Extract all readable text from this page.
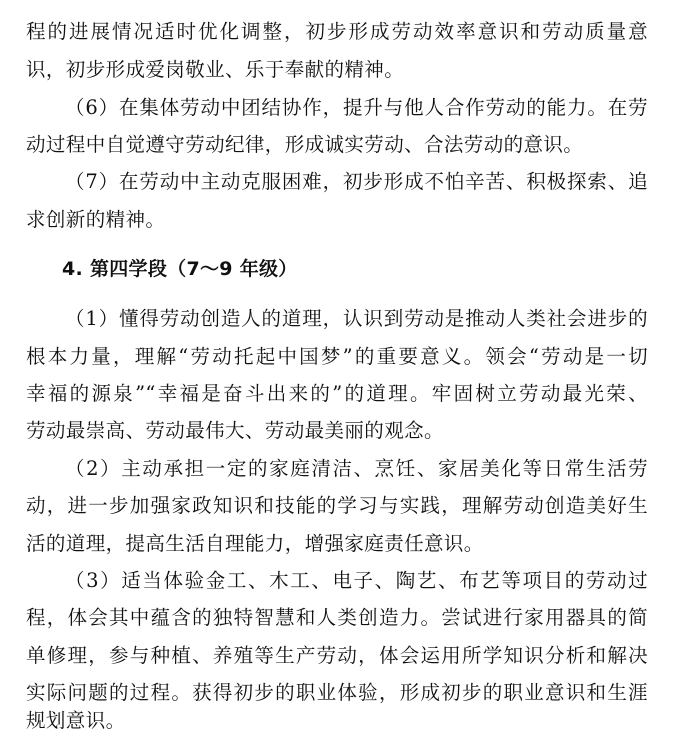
程的进展情况适时优化调整，初步形成劳动效率意识和劳动质量意
识，初步形成爱岗敬业、乐于奉献的精神。
（6）在集体劳动中团结协作，提升与他人合作劳动的能力。在劳
动过程中自觉遵守劳动纪律，形成诚实劳动、合法劳动的意识。
（7）在劳动中主动克服困难，初步形成不怕辛苦、积极探索、追
求创新的精神。
4. 第四学段（7～9 年级）
（1）懂得劳动创造人的道理，认识到劳动是推动人类社会进步的
根本力量，理解“劳动托起中国梦”的重要意义。领会“劳动是一切
幸福的源泉”“幸福是奋斗出来的”的道理。牢固树立劳动最光荣、
劳动最崇高、劳动最伟大、劳动最美丽的观念。
（2）主动承担一定的家庭清洁、烹饪、家居美化等日常生活劳
动，进一步加强家政知识和技能的学习与实践，理解劳动创造美好生
活的道理，提高生活自理能力，增强家庭责任意识。
（3）适当体验金工、木工、电子、陶艺、布艺等项目的劳动过
程，体会其中蕴含的独特智慧和人类创造力。尝试进行家用器具的简
单修理，参与种植、养殖等生产劳动，体会运用所学知识分析和解决
实际问题的过程。获得初步的职业体验，形成初步的职业意识和生涯
规划意识。
